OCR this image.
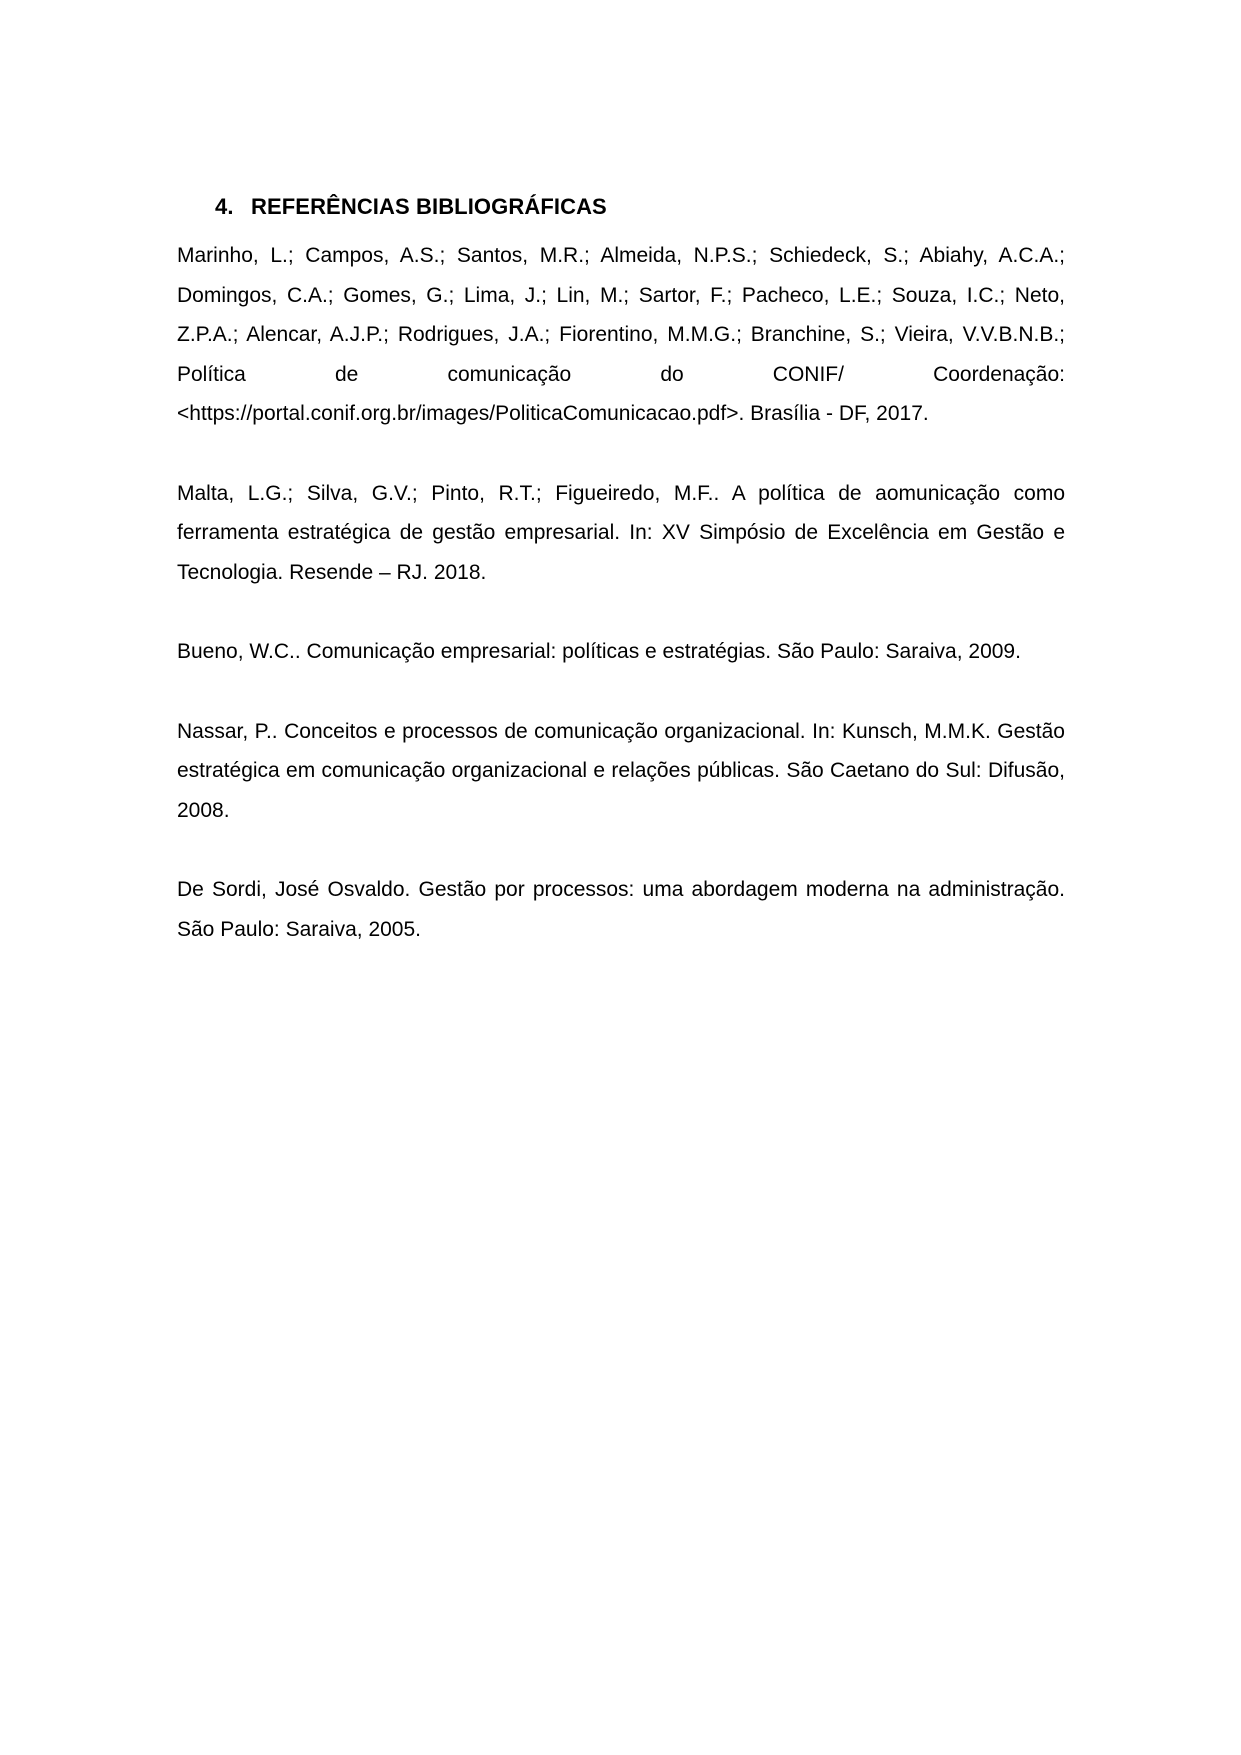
4. REFERÊNCIAS BIBLIOGRÁFICAS

Marinho, L.; Campos, A.S.; Santos, M.R.; Almeida, N.P.S.; Schiedeck, S.; Abiahy, A.C.A.; Domingos, C.A.; Gomes, G.; Lima, J.; Lin, M.; Sartor, F.; Pacheco, L.E.; Souza, I.C.; Neto, Z.P.A.; Alencar, A.J.P.; Rodrigues, J.A.; Fiorentino, M.M.G.; Branchine, S.; Vieira, V.V.B.N.B.; Política de comunicação do CONIF/ Coordenação: <https://portal.conif.org.br/images/PoliticaComunicacao.pdf>. Brasília - DF, 2017.

Malta, L.G.; Silva, G.V.; Pinto, R.T.; Figueiredo, M.F.. A política de aomunicação como ferramenta estratégica de gestão empresarial. In: XV Simpósio de Excelência em Gestão e Tecnologia. Resende – RJ. 2018.

Bueno, W.C.. Comunicação empresarial: políticas e estratégias. São Paulo: Saraiva, 2009.

Nassar, P.. Conceitos e processos de comunicação organizacional. In: Kunsch, M.M.K. Gestão estratégica em comunicação organizacional e relações públicas. São Caetano do Sul: Difusão, 2008.

De Sordi, José Osvaldo. Gestão por processos: uma abordagem moderna na administração. São Paulo: Saraiva, 2005.
